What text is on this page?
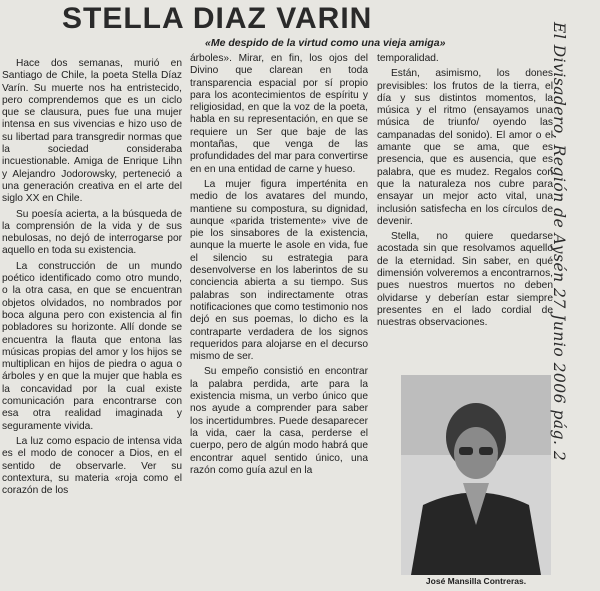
STELLA DIAZ VARIN
«Me despido de la virtud como una vieja amiga»

Hace dos semanas, murió en Santiago de Chile, la poeta Stella Díaz Varín. Su muerte nos ha entristecido, pero comprendemos que es un ciclo que se clausura, pues fue una mujer intensa en sus vivencias e hizo uso de su libertad para transgredir normas que la sociedad consideraba incuestionable. Amiga de Enrique Lihn y Alejandro Jodorowsky, perteneció a una generación creativa en el arte del siglo XX en Chile.

Su poesía acierta, a la búsqueda de la comprensión de la vida y de sus nebulosas, no dejó de interrogarse por aquello en toda su existencia.

La construcción de un mundo poético identificado como otro mundo, o la otra casa, en que se encuentran objetos olvidados, no nombrados por boca alguna pero con existencia al fin pobladores su horizonte. Allí donde se encuentra la flauta que entona las músicas propias del amor y los hijos se multiplican en hijos de piedra o agua o árboles y en que la mujer que habla es la concavidad por la cual existe comunicación para encontrarse con esa otra realidad imaginada y seguramente vivida.

La luz como espacio de intensa vida es el modo de conocer a Dios, en el sentido de observarle. Ver su contextura, su materia «roja como el corazón de los

árboles». Mirar, en fin, los ojos del Divino que clarean en toda transparencia espacial por sí propio para los acontecimientos de espíritu y religiosidad, en que la voz de la poeta, habla en su representación, en que se requiere un Ser que baje de las montañas, que venga de las profundidades del mar para convertirse en en una entidad de carne y hueso.

La mujer figura imperténita en medio de los avatares del mundo, mantiene su compostura, su dignidad, aunque «parida tristemente» vive de pie los sinsabores de la existencia, aunque la muerte le asole en vida, fue el silencio su estrategia para desenvolverse en los laberintos de su conciencia abierta a su tiempo. Sus palabras son indirectamente otras notificaciones que como testimonio nos dejó en sus poemas, lo dicho es la contraparte verdadera de los signos requeridos para alojarse en el decurso mismo de ser.

Su empeño consistió en encontrar la palabra perdida, arte para la existencia misma, un verbo único que nos ayude a comprender para saber los incertidumbres. Puede desaparecer la vida, caer la casa, perderse el cuerpo, pero de algún modo habrá que encontrar aquel sentido único, una razón como guía azul en la

temporalidad.

Están, asimismo, los dones previsibles: los frutos de la tierra, el día y sus distintos momentos, la música y el ritmo (ensayamos una música de triunfo/ oyendo las campanadas del sonido). El amor o el amante que se ama, que es presencia, que es ausencia, que es palabra, que es mudez. Regalos con que la naturaleza nos cubre para ensayar un mejor acto vital, una inclusión satisfecha en los círculos de devenir.

Stella, no quiere quedarse acostada sin que resolvamos aquello de la eternidad. Sin saber, en qué dimensión volveremos a encontrarnos, pues nuestros muertos no deben olvidarse y deberían estar siempre presentes en el lado cordial de nuestras observaciones.

José Mansilla Contreras.
El Divisadero, Región de Aysén 27 Junio 2006 pág. 2
